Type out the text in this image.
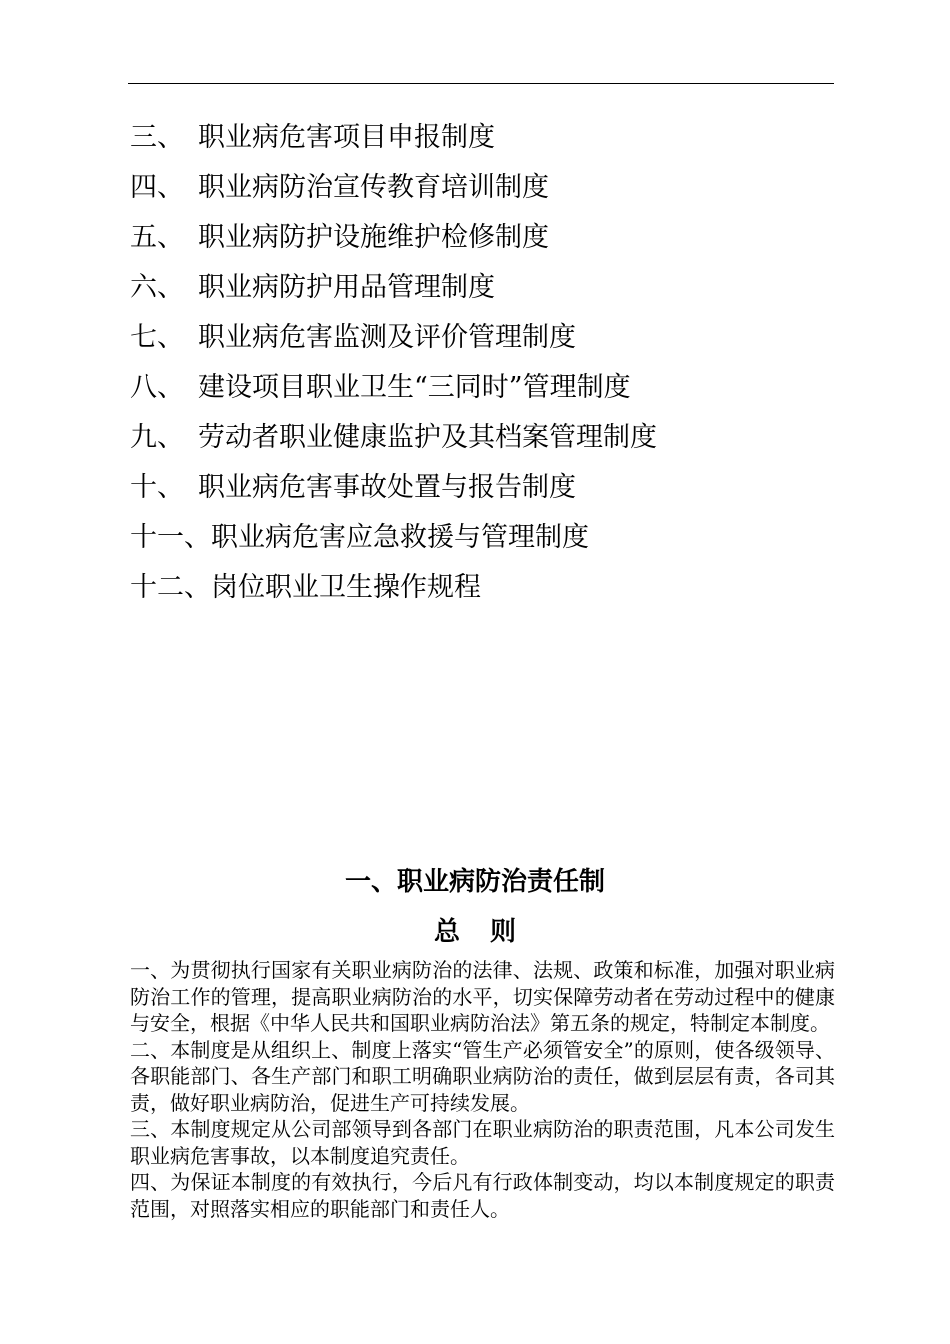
三、 职业病危害项目申报制度
四、 职业病防治宣传教育培训制度
五、 职业病防护设施维护检修制度
六、 职业病防护用品管理制度
七、 职业病危害监测及评价管理制度
八、 建设项目职业卫生“三同时”管理制度
九、 劳动者职业健康监护及其档案管理制度
十、 职业病危害事故处置与报告制度
十一、职业病危害应急救援与管理制度
十二、岗位职业卫生操作规程
一、职业病防治责任制
总则

一、为贯彻执行国家有关职业病防治的法律、法规、政策和标准，加强对职业病防治工作的管理，提高职业病防治的水平，切实保障劳动者在劳动过程中的健康与安全，根据《中华人民共和国职业病防治法》第五条的规定，特制定本制度。

二、本制度是从组织上、制度上落实“管生产必须管安全”的原则，使各级领导、各职能部门、各生产部门和职工明确职业病防治的责任，做到层层有责，各司其责，做好职业病防治，促进生产可持续发展。

三、本制度规定从公司部领导到各部门在职业病防治的职责范围，凡本公司发生职业病危害事故，以本制度追究责任。

四、为保证本制度的有效执行，今后凡有行政体制变动，均以本制度规定的职责范围，对照落实相应的职能部门和责任人。
